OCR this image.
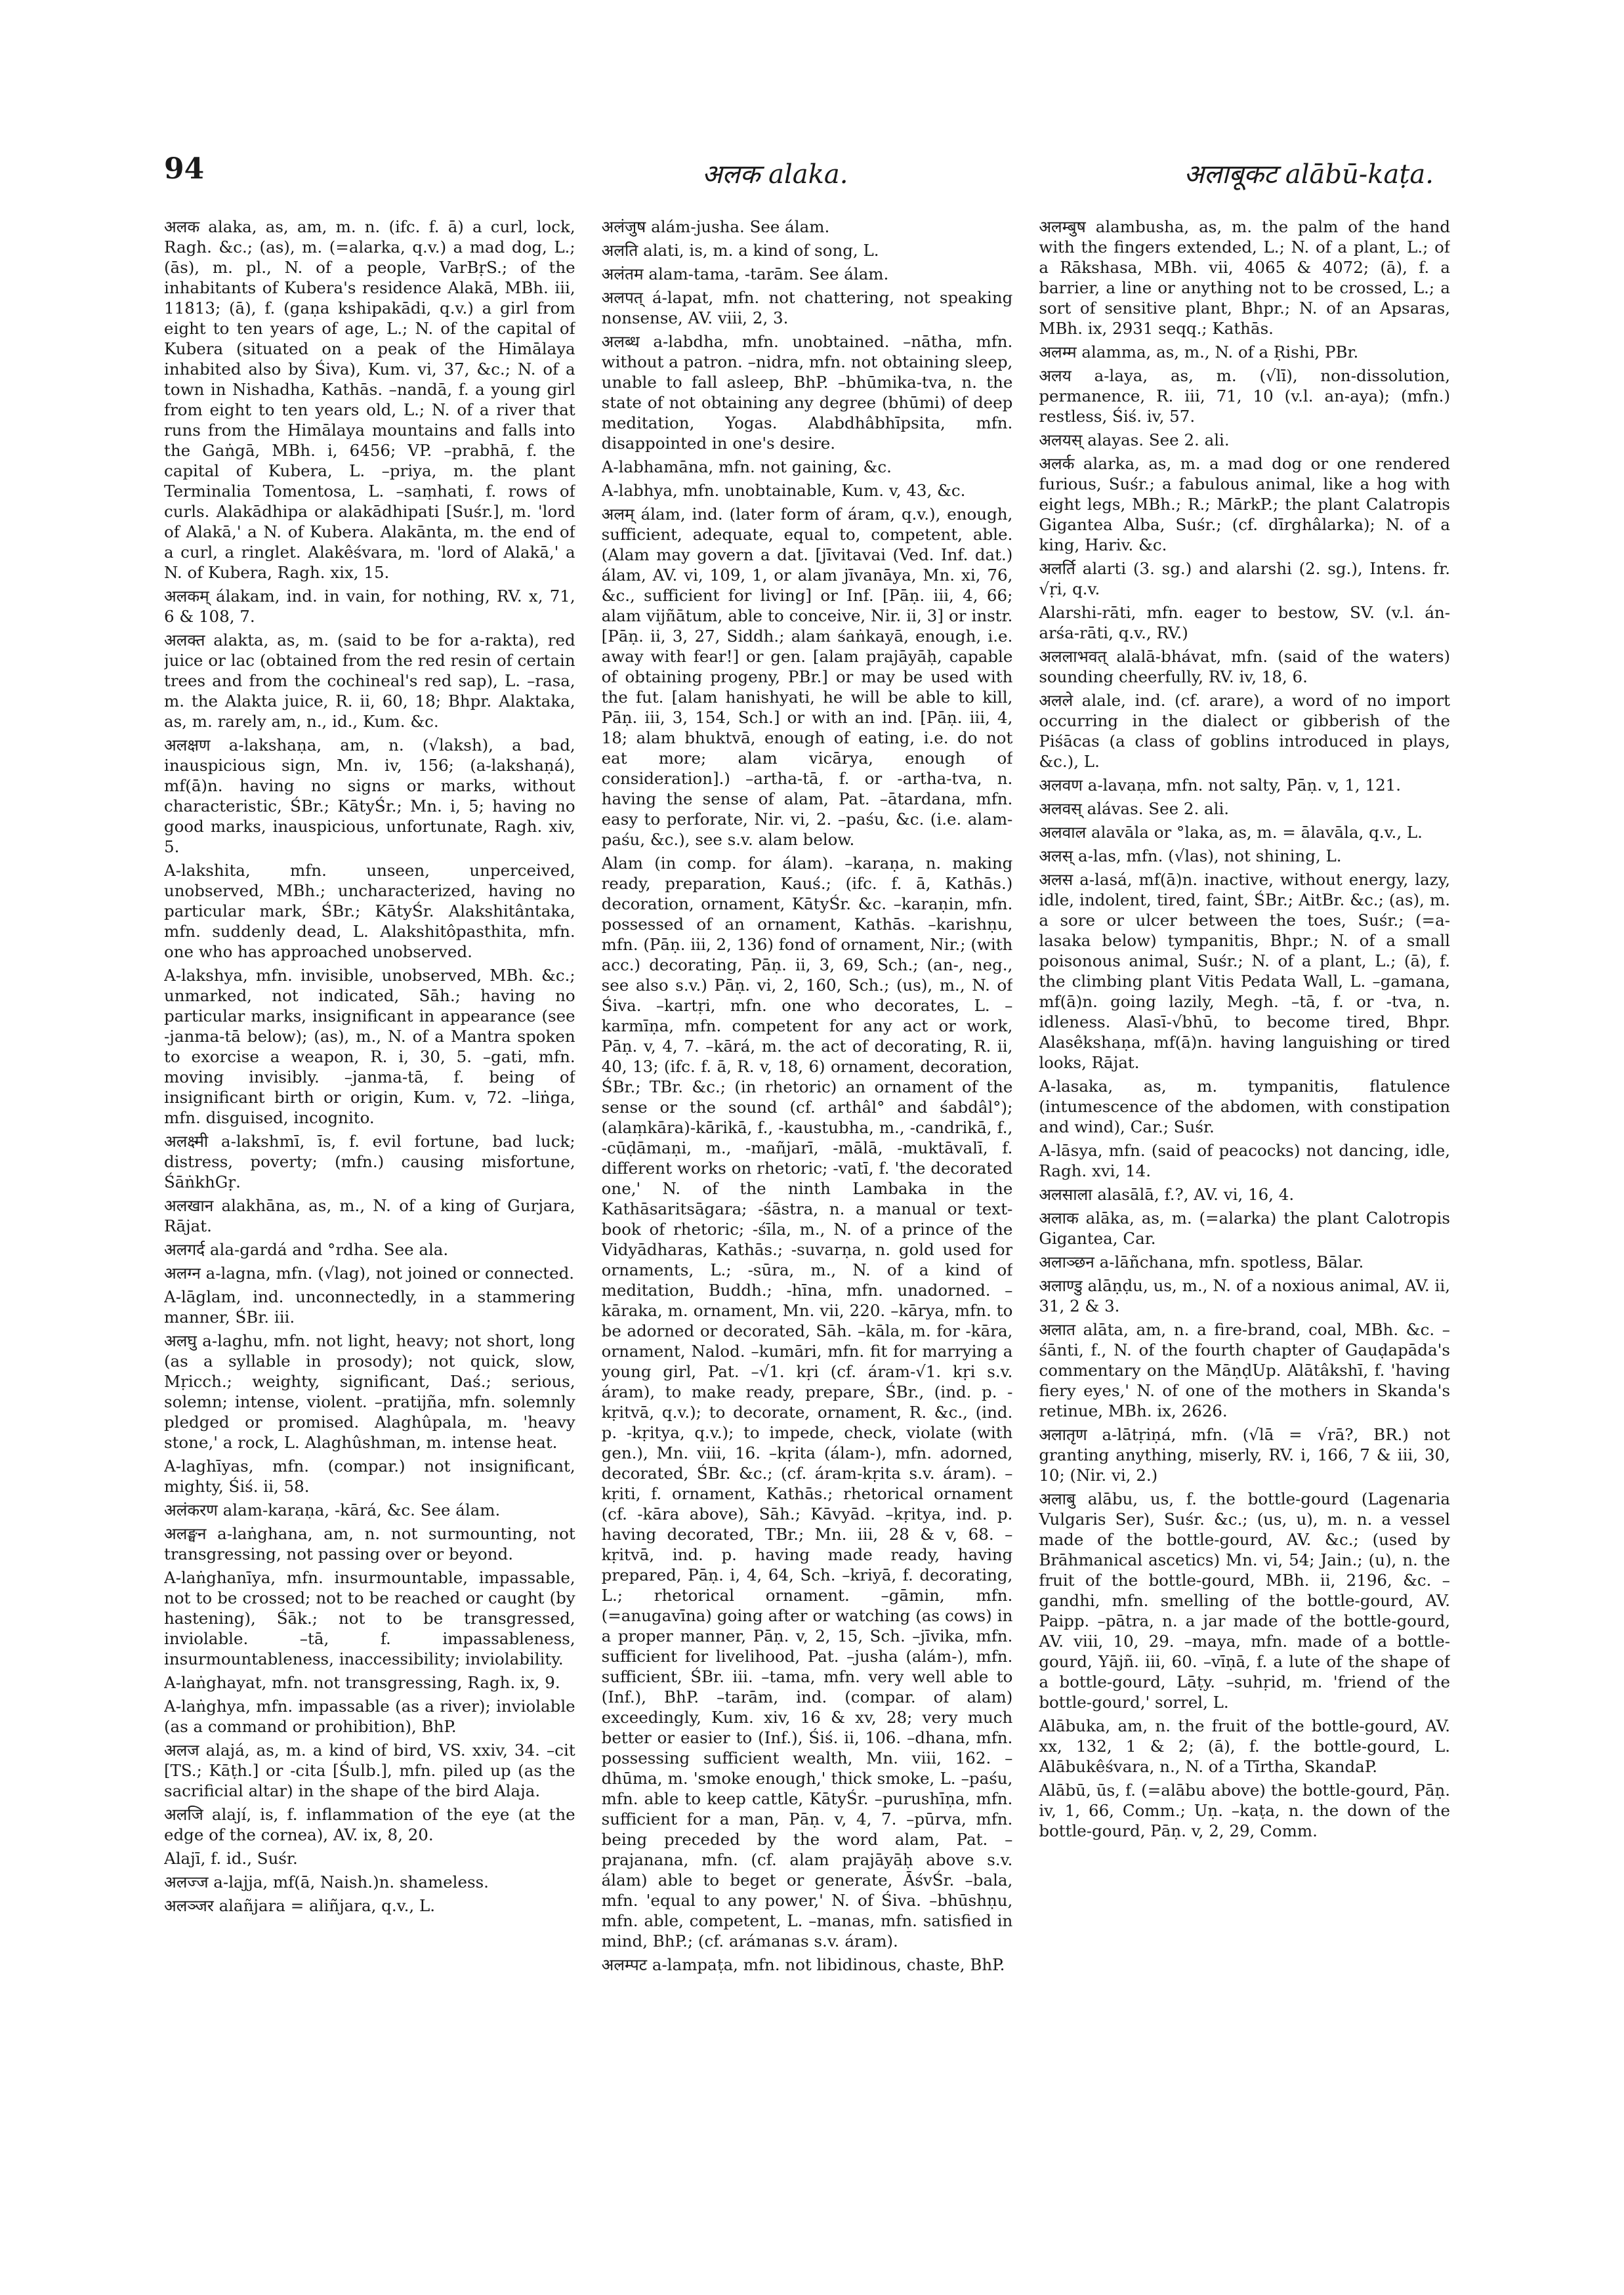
94	अलक alaka.	अलाबूकट alābū-kaṭa.

अलक alaka, as, am, m. n. (ifc. f. ā) a curl, lock, Ragh. &c.; (as), m. (=alarka, q.v.) a mad dog, L.; (ās), m. pl., N. of a people, VarBṛS.; of the inhabitants of Kubera's residence Alakā, MBh. iii, 11813; (ā), f. (gaṇa kshipakādi, q.v.) a girl from eight to ten years of age, L.; N. of the capital of Kubera (situated on a peak of the Himālaya inhabited also by Śiva), Kum. vi, 37, &c.; N. of a town in Nishadha, Kathās. –nandā, f. a young girl from eight to ten years old, L.; N. of a river that runs from the Himālaya mountains and falls into the Gaṅgā, MBh. i, 6456; VP. –prabhā, f. the capital of Kubera, L. –priya, m. the plant Terminalia Tomentosa, L. –saṃhati, f. rows of curls. Alakādhipa or alakādhipati [Suśr.], m. 'lord of Alakā,' a N. of Kubera. Alakānta, m. the end of a curl, a ringlet. Alakêśvara, m. 'lord of Alakā,' a N. of Kubera, Ragh. xix, 15.

अलकम् álakam, ind. in vain, for nothing, RV. x, 71, 6 & 108, 7.

अलक्त alakta, as, m. (said to be for a-rakta), red juice or lac (obtained from the red resin of certain trees and from the cochineal's red sap), L. –rasa, m. the Alakta juice, R. ii, 60, 18; Bhpr. Alaktaka, as, m. rarely am, n., id., Kum. &c.

अलक्षण a-lakshaṇa, am, n. (√laksh), a bad, inauspicious sign, Mn. iv, 156; (a-lakshaṇá), mf(ā)n. having no signs or marks, without characteristic, ŚBr.; KātyŚr.; Mn. i, 5; having no good marks, inauspicious, unfortunate, Ragh. xiv, 5.

A-lakshita, mfn. unseen, unperceived, unobserved, MBh.; uncharacterized, having no particular mark, ŚBr.; KātyŚr. Alakshitântaka, mfn. suddenly dead, L. Alakshitôpasthita, mfn. one who has approached unobserved.

A-lakshya, mfn. invisible, unobserved, MBh. &c.; unmarked, not indicated, Sāh.; having no particular marks, insignificant in appearance (see -janma-tā below); (as), m., N. of a Mantra spoken to exorcise a weapon, R. i, 30, 5. –gati, mfn. moving invisibly. –janma-tā, f. being of insignificant birth or origin, Kum. v, 72. –liṅga, mfn. disguised, incognito.

अलक्ष्मी a-lakshmī, īs, f. evil fortune, bad luck; distress, poverty; (mfn.) causing misfortune, ŚāṅkhGṛ.

अलखान alakhāna, as, m., N. of a king of Gurjara, Rājat.

अलगर्द ala-gardá and °rdha. See ala.

अलग्न a-lagna, mfn. (√lag), not joined or connected.

A-lāglam, ind. unconnectedly, in a stammering manner, ŚBr. iii.

अलघु a-laghu, mfn. not light, heavy; not short, long (as a syllable in prosody); not quick, slow, Mṛicch.; weighty, significant, Daś.; serious, solemn; intense, violent. –pratijña, mfn. solemnly pledged or promised. Alaghûpala, m. 'heavy stone,' a rock, L. Alaghûshman, m. intense heat.

A-laghīyas, mfn. (compar.) not insignificant, mighty, Śiś. ii, 58.

अलंकरण alam-karaṇa, -kārá, &c. See álam.

अलङ्घन a-laṅghana, am, n. not surmounting, not transgressing, not passing over or beyond.

A-laṅghanīya, mfn. insurmountable, impassable, not to be crossed; not to be reached or caught (by hastening), Śāk.; not to be transgressed, inviolable. –tā, f. impassableness, insurmountableness, inaccessibility; inviolability.

A-laṅghayat, mfn. not transgressing, Ragh. ix, 9.

A-laṅghya, mfn. impassable (as a river); inviolable (as a command or prohibition), BhP.

अलज alajá, as, m. a kind of bird, VS. xxiv, 34. –cit [TS.; Kāṭh.] or -cita [Śulb.], mfn. piled up (as the sacrificial altar) in the shape of the bird Alaja.

अलजि alají, is, f. inflammation of the eye (at the edge of the cornea), AV. ix, 8, 20.

Alajī, f. id., Suśr.

अलज्ज a-lajja, mf(ā, Naish.)n. shameless.

अलञ्जर alañjara = aliñjara, q.v., L.

अलंजुष alám-jusha. See álam.

अलति alati, is, m. a kind of song, L.

अलंतम alam-tama, -tarām. See álam.

अलपत् á-lapat, mfn. not chattering, not speaking nonsense, AV. viii, 2, 3.

अलब्ध a-labdha, mfn. unobtained. –nātha, mfn. without a patron. –nidra, mfn. not obtaining sleep, unable to fall asleep, BhP. –bhūmika-tva, n. the state of not obtaining any degree (bhūmi) of deep meditation, Yogas. Alabdhâbhīpsita, mfn. disappointed in one's desire.

A-labhamāna, mfn. not gaining, &c.

A-labhya, mfn. unobtainable, Kum. v, 43, &c.

अलम् álam, ind. (later form of áram, q.v.), enough, sufficient, adequate, equal to, competent, able. (Alam may govern a dat. [jīvitavai (Ved. Inf. dat.) álam, AV. vi, 109, 1, or alam jīvanāya, Mn. xi, 76, &c., sufficient for living] or Inf. [Pāṇ. iii, 4, 66; alam vijñātum, able to conceive, Nir. ii, 3] or instr. [Pāṇ. ii, 3, 27, Siddh.; alam śaṅkayā, enough, i.e. away with fear!] or gen. [alam prajāyāḥ, capable of obtaining progeny, PBr.] or may be used with the fut. [alam hanishyati, he will be able to kill, Pāṇ. iii, 3, 154, Sch.] or with an ind. [Pāṇ. iii, 4, 18; alam bhuktvā, enough of eating, i.e. do not eat more; alam vicārya, enough of consideration].) –artha-tā, f. or -artha-tva, n. having the sense of alam, Pat. –ātardana, mfn. easy to perforate, Nir. vi, 2. –paśu, &c. (i.e. alam-paśu, &c.), see s.v. alam below.

Alam (in comp. for álam). –karaṇa, n. making ready, preparation, Kauś.; (ifc. f. ā, Kathās.) decoration, ornament, KātyŚr. &c. –karaṇin, mfn. possessed of an ornament, Kathās. –karishṇu, mfn. (Pāṇ. iii, 2, 136) fond of ornament, Nir.; (with acc.) decorating, Pāṇ. ii, 3, 69, Sch.; (an-, neg., see also s.v.) Pāṇ. vi, 2, 160, Sch.; (us), m., N. of Śiva. –kartṛi, mfn. one who decorates, L. –karmīṇa, mfn. competent for any act or work, Pāṇ. v, 4, 7. –kārá, m. the act of decorating, R. ii, 40, 13; (ifc. f. ā, R. v, 18, 6) ornament, decoration, ŚBr.; TBr. &c.; (in rhetoric) an ornament of the sense or the sound (cf. arthâl° and śabdâl°); (alaṃkāra)-kārikā, f., -kaustubha, m., -candrikā, f., -cūḍāmaṇi, m., -mañjarī, -mālā, -muktāvalī, f. different works on rhetoric; -vatī, f. 'the decorated one,' N. of the ninth Lambaka in the Kathāsaritsāgara; -śāstra, n. a manual or text-book of rhetoric; -śīla, m., N. of a prince of the Vidyādharas, Kathās.; -suvarṇa, n. gold used for ornaments, L.; -sūra, m., N. of a kind of meditation, Buddh.; -hīna, mfn. unadorned. –kāraka, m. ornament, Mn. vii, 220. –kārya, mfn. to be adorned or decorated, Sāh. –kāla, m. for -kāra, ornament, Nalod. –kumāri, mfn. fit for marrying a young girl, Pat. –√1. kṛi (cf. áram-√1. kṛi s.v. áram), to make ready, prepare, ŚBr., (ind. p. -kṛitvā, q.v.); to decorate, ornament, R. &c., (ind. p. -kṛitya, q.v.); to impede, check, violate (with gen.), Mn. viii, 16. –kṛita (álam-), mfn. adorned, decorated, ŚBr. &c.; (cf. áram-kṛita s.v. áram). –kṛiti, f. ornament, Kathās.; rhetorical ornament (cf. -kāra above), Sāh.; Kāvyād. –kṛitya, ind. p. having decorated, TBr.; Mn. iii, 28 & v, 68. –kṛitvā, ind. p. having made ready, having prepared, Pāṇ. i, 4, 64, Sch. –kriyā, f. decorating, L.; rhetorical ornament. –gāmin, mfn. (=anugavīna) going after or watching (as cows) in a proper manner, Pāṇ. v, 2, 15, Sch. –jīvika, mfn. sufficient for livelihood, Pat. –jusha (alám-), mfn. sufficient, ŚBr. iii. –tama, mfn. very well able to (Inf.), BhP. –tarām, ind. (compar. of alam) exceedingly, Kum. xiv, 16 & xv, 28; very much better or easier to (Inf.), Śiś. ii, 106. –dhana, mfn. possessing sufficient wealth, Mn. viii, 162. –dhūma, m. 'smoke enough,' thick smoke, L. –paśu, mfn. able to keep cattle, KātyŚr. –purushīṇa, mfn. sufficient for a man, Pāṇ. v, 4, 7. –pūrva, mfn. being preceded by the word alam, Pat. –prajanana, mfn. (cf. alam prajāyāḥ above s.v. álam) able to beget or generate, ĀśvŚr. –bala, mfn. 'equal to any power,' N. of Śiva. –bhūshṇu, mfn. able, competent, L. –manas, mfn. satisfied in mind, BhP.; (cf. arámanas s.v. áram).

अलम्पट a-lampaṭa, mfn. not libidinous, chaste, BhP.

अलम्बुष alambusha, as, m. the palm of the hand with the fingers extended, L.; N. of a plant, L.; of a Rākshasa, MBh. vii, 4065 & 4072; (ā), f. a barrier, a line or anything not to be crossed, L.; a sort of sensitive plant, Bhpr.; N. of an Apsaras, MBh. ix, 2931 seqq.; Kathās.

अलम्म alamma, as, m., N. of a Ṛishi, PBr.

अलय a-laya, as, m. (√lī), non-dissolution, permanence, R. iii, 71, 10 (v.l. an-aya); (mfn.) restless, Śiś. iv, 57.

अलयस् alayas. See 2. ali.

अलर्क alarka, as, m. a mad dog or one rendered furious, Suśr.; a fabulous animal, like a hog with eight legs, MBh.; R.; MārkP.; the plant Calatropis Gigantea Alba, Suśr.; (cf. dīrghâlarka); N. of a king, Hariv. &c.

अलर्ति alarti (3. sg.) and alarshi (2. sg.), Intens. fr. √ṛi, q.v.

Alarshi-rāti, mfn. eager to bestow, SV. (v.l. án-arśa-rāti, q.v., RV.)

अललाभवत् alalā-bhávat, mfn. (said of the waters) sounding cheerfully, RV. iv, 18, 6.

अलले alale, ind. (cf. arare), a word of no import occurring in the dialect or gibberish of the Piśācas (a class of goblins introduced in plays, &c.), L.

अलवण a-lavaṇa, mfn. not salty, Pāṇ. v, 1, 121.

अलवस् alávas. See 2. ali.

अलवाल alavāla or °laka, as, m. = ālavāla, q.v., L.

अलस् a-las, mfn. (√las), not shining, L.

अलस a-lasá, mf(ā)n. inactive, without energy, lazy, idle, indolent, tired, faint, ŚBr.; AitBr. &c.; (as), m. a sore or ulcer between the toes, Suśr.; (=a-lasaka below) tympanitis, Bhpr.; N. of a small poisonous animal, Suśr.; N. of a plant, L.; (ā), f. the climbing plant Vitis Pedata Wall, L. –gamana, mf(ā)n. going lazily, Megh. –tā, f. or -tva, n. idleness. Alasī-√bhū, to become tired, Bhpr. Alasêkshaṇa, mf(ā)n. having languishing or tired looks, Rājat.

A-lasaka, as, m. tympanitis, flatulence (intumescence of the abdomen, with constipation and wind), Car.; Suśr.

A-lāsya, mfn. (said of peacocks) not dancing, idle, Ragh. xvi, 14.

अलसाला alasālā, f.?, AV. vi, 16, 4.

अलाक alāka, as, m. (=alarka) the plant Calotropis Gigantea, Car.

अलाञ्छन a-lāñchana, mfn. spotless, Bālar.

अलाण्डु alāṇḍu, us, m., N. of a noxious animal, AV. ii, 31, 2 & 3.

अलात alāta, am, n. a fire-brand, coal, MBh. &c. –śānti, f., N. of the fourth chapter of Gauḍapāda's commentary on the MāṇḍUp. Alātâkshī, f. 'having fiery eyes,' N. of one of the mothers in Skanda's retinue, MBh. ix, 2626.

अलातृण a-lātṛiṇá, mfn. (√lā = √rā?, BR.) not granting anything, miserly, RV. i, 166, 7 & iii, 30, 10; (Nir. vi, 2.)

अलाबु alābu, us, f. the bottle-gourd (Lagenaria Vulgaris Ser), Suśr. &c.; (us, u), m. n. a vessel made of the bottle-gourd, AV. &c.; (used by Brāhmanical ascetics) Mn. vi, 54; Jain.; (u), n. the fruit of the bottle-gourd, MBh. ii, 2196, &c. –gandhi, mfn. smelling of the bottle-gourd, AV. Paipp. –pātra, n. a jar made of the bottle-gourd, AV. viii, 10, 29. –maya, mfn. made of a bottle-gourd, Yājñ. iii, 60. –vīṇā, f. a lute of the shape of a bottle-gourd, Lāṭy. –suhṛid, m. 'friend of the bottle-gourd,' sorrel, L.

Alābuka, am, n. the fruit of the bottle-gourd, AV. xx, 132, 1 & 2; (ā), f. the bottle-gourd, L. Alābukêśvara, n., N. of a Tīrtha, SkandaP.

Alābū, ūs, f. (=alābu above) the bottle-gourd, Pāṇ. iv, 1, 66, Comm.; Uṇ. –kaṭa, n. the down of the bottle-gourd, Pāṇ. v, 2, 29, Comm.
